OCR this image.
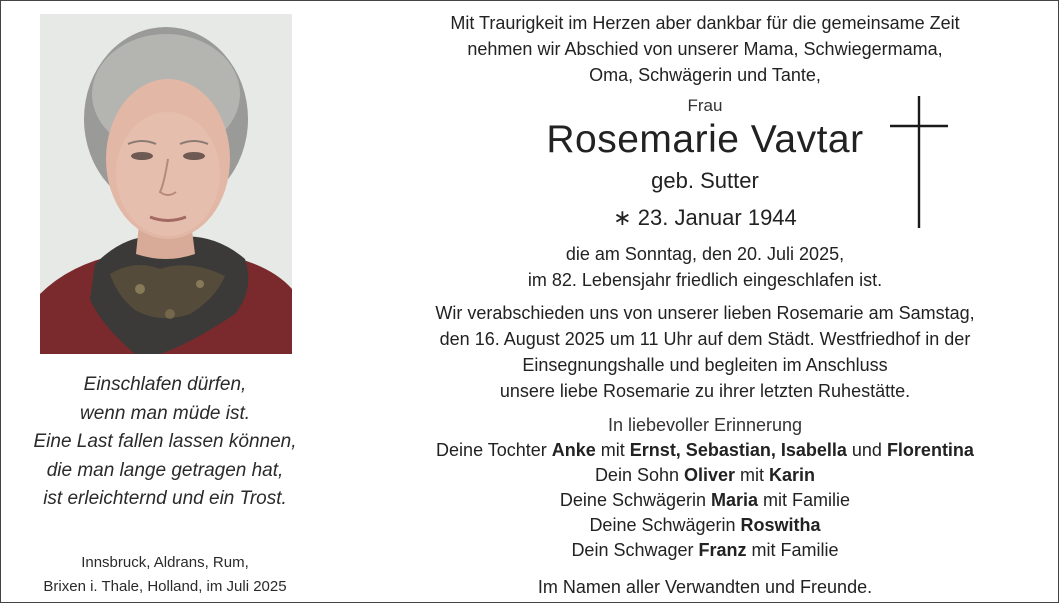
Einschlafen dürfen,
wenn man müde ist.
Eine Last fallen lassen können,
die man lange getragen hat,
ist erleichternd und ein Trost.
Innsbruck, Aldrans, Rum,
Brixen i. Thale, Holland, im Juli 2025
Mit Traurigkeit im Herzen aber dankbar für die gemeinsame Zeit
nehmen wir Abschied von unserer Mama, Schwiegermama,
Oma, Schwägerin und Tante,
Frau
Rosemarie Vavtar
geb. Sutter
∗ 23. Januar 1944
die am Sonntag, den 20. Juli 2025,
im 82. Lebensjahr friedlich eingeschlafen ist.
Wir verabschieden uns von unserer lieben Rosemarie am Samstag,
den 16. August 2025 um 11 Uhr auf dem Städt. Westfriedhof in der
Einsegnungshalle und begleiten im Anschluss
unsere liebe Rosemarie zu ihrer letzten Ruhestätte.
In liebevoller Erinnerung
Deine Tochter Anke mit Ernst, Sebastian, Isabella und Florentina
Dein Sohn Oliver mit Karin
Deine Schwägerin Maria mit Familie
Deine Schwägerin Roswitha
Dein Schwager Franz mit Familie
Im Namen aller Verwandten und Freunde.
